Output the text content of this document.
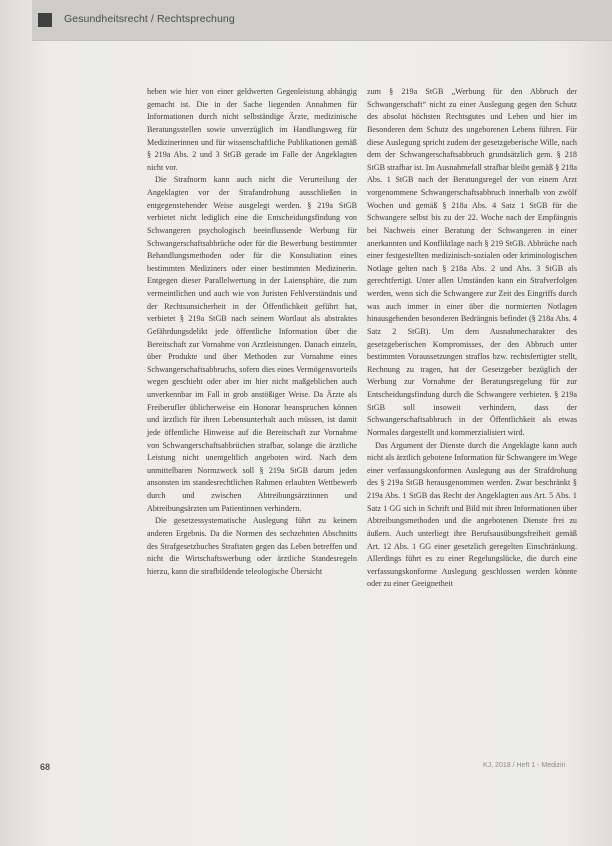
Gesundheitsrecht / Rechtsprechung

heben wie hier von einer geldwerten Gegenleistung abhängig gemacht ist. Die in der Sache liegenden Annahmen für Informationen durch nicht selbständige Ärzte, medizinische Beratungsstellen sowie unverzüglich im Handlungsweg für Medizinerinnen und für wissenschaftliche Publikationen gemäß § 219a Abs. 2 und 3 StGB gerade im Falle der Angeklagten nicht vor.

Die Strafnorm kann auch nicht die Verurteilung der Angeklagten vor der Strafandrohung ausschließen in entgegenstehender Weise ausgelegt werden. § 219a StGB verbietet nicht lediglich eine die Entscheidungsfindung von Schwangeren psychologisch beeinflussende Werbung für Schwangerschaftsabbrüche oder für die Bewerbung bestimmter Behandlungsmethoden oder für die Konsultation eines bestimmten Mediziners oder einer bestimmten Medizinerin. Entgegen dieser Parallelwertung in der Laiensphäre, die zum vermeintlichen und auch wie von Juristen Fehlverständnis und der Rechtsunsicherheit in der Öffentlichkeit geführt hat, verbietet § 219a StGB nach seinem Wortlaut als abstraktes Gefährdungsdelikt jede öffentliche Information über die Bereitschaft zur Vornahme von Arztleistungen. Danach einzeln, über Produkte und über Methoden zur Vornahme eines Schwangerschaftsabbruchs, sofern dies eines Vermögensvorteils wegen geschieht oder aber im hier nicht maßgeblichen auch unverkennbar im Fall in grob anstößiger Weise. Da Ärzte als Freiberufler üblicherweise ein Honorar beanspruchen können und ärztlich für ihren Lebensunterhalt auch müssen, ist damit jede öffentliche Hinweise auf die Bereitschaft zur Vornahme von Schwangerschaftsabbrüchen strafbar, solange die ärztliche Leistung nicht unentgeltlich angeboten wird. Nach dem unmittelbaren Normzweck soll § 219a StGB darum jeden ansonsten im standesrechtlichen Rahmen erlaubten Wettbewerb durch und zwischen Abtreibungsärztinnen und Abtreibungsärzten um Patientinnen verhindern.

Die gesetzessystematische Auslegung führt zu keinem anderen Ergebnis. Da die Normen des sechzehnten Abschnitts des Strafgesetzbuches Straftaten gegen das Leben betreffen und nicht die Wirtschaftswerbung oder ärztliche Standesregeln hierzu, kann die strafbildende teleologische Übersicht

zum § 219a StGB „Werbung für den Abbruch der Schwangerschaft“ nicht zu einer Auslegung gegen den Schutz des absolut höchsten Rechtsgutes und Leben und hier im Besonderen dem Schutz des ungeborenen Lebens führen. Für diese Auslegung spricht zudem der gesetzgeberische Wille, nach dem der Schwangerschaftsabbruch grundsätzlich gem. § 218 StGB strafbar ist. Im Ausnahmefall strafbar bleibt gemäß § 218a Abs. 1 StGB nach der Beratungsregel der von einem Arzt vorgenommene Schwangerschaftsabbruch innerhalb von zwölf Wochen und gemäß § 218a Abs. 4 Satz 1 StGB für die Schwangere selbst bis zu der 22. Woche nach der Empfängnis bei Nachweis einer Beratung der Schwangeren in einer anerkannten und Konfliktlage nach § 219 StGB. Abbrüche nach einer festgestellten medizinisch-sozialen oder kriminologischen Notlage gelten nach § 218a Abs. 2 und Abs. 3 StGB als gerechtfertigt. Unter allen Umständen kann ein Strafverfolgen werden, wenn sich die Schwangere zur Zeit des Eingriffs durch was auch immer in einer über die normierten Notlagen hinausgehenden besonderen Bedrängnis befindet (§ 218a Abs. 4 Satz 2 StGB). Um dem Ausnahmecharakter des gesetzgeberischen Kompromisses, der den Abbruch unter bestimmten Voraussetzungen straflos bzw. rechtsfertigter stellt, Rechnung zu tragen, hat der Gesetzgeber bezüglich der Werbung zur Vornahme der Beratungsregelung für zur Entscheidungsfindung durch die Schwangere verbieten. § 219a StGB soll insoweit verhindern, dass der Schwangerschaftsabbruch in der Öffentlichkeit als etwas Normales dargestellt und kommerzialisiert wird.

Das Argument der Dienste durch die Angeklagte kann auch nicht als ärztlich gebotene Information für Schwangere im Wege einer verfassungskonformen Auslegung aus der Strafdrohung des § 219a StGB herausgenommen werden. Zwar beschränkt § 219a Abs. 1 StGB das Recht der Angeklagten aus Art. 5 Abs. 1 Satz 1 GG sich in Schrift und Bild mit ihren Informationen über Abtreibungsmethoden und die angebotenen Dienste frei zu äußern. Auch unterliegt ihre Berufsausübungsfreiheit gemäß Art. 12 Abs. 1 GG einer gesetzlich geregelten Einschränkung. Allerdings führt es zu einer Regelungslücke, die durch eine verfassungskonforme Auslegung geschlossen werden könnte oder zu einer Geeignetheit

68	KJ, 2018 / Heft 1 - Medizin
